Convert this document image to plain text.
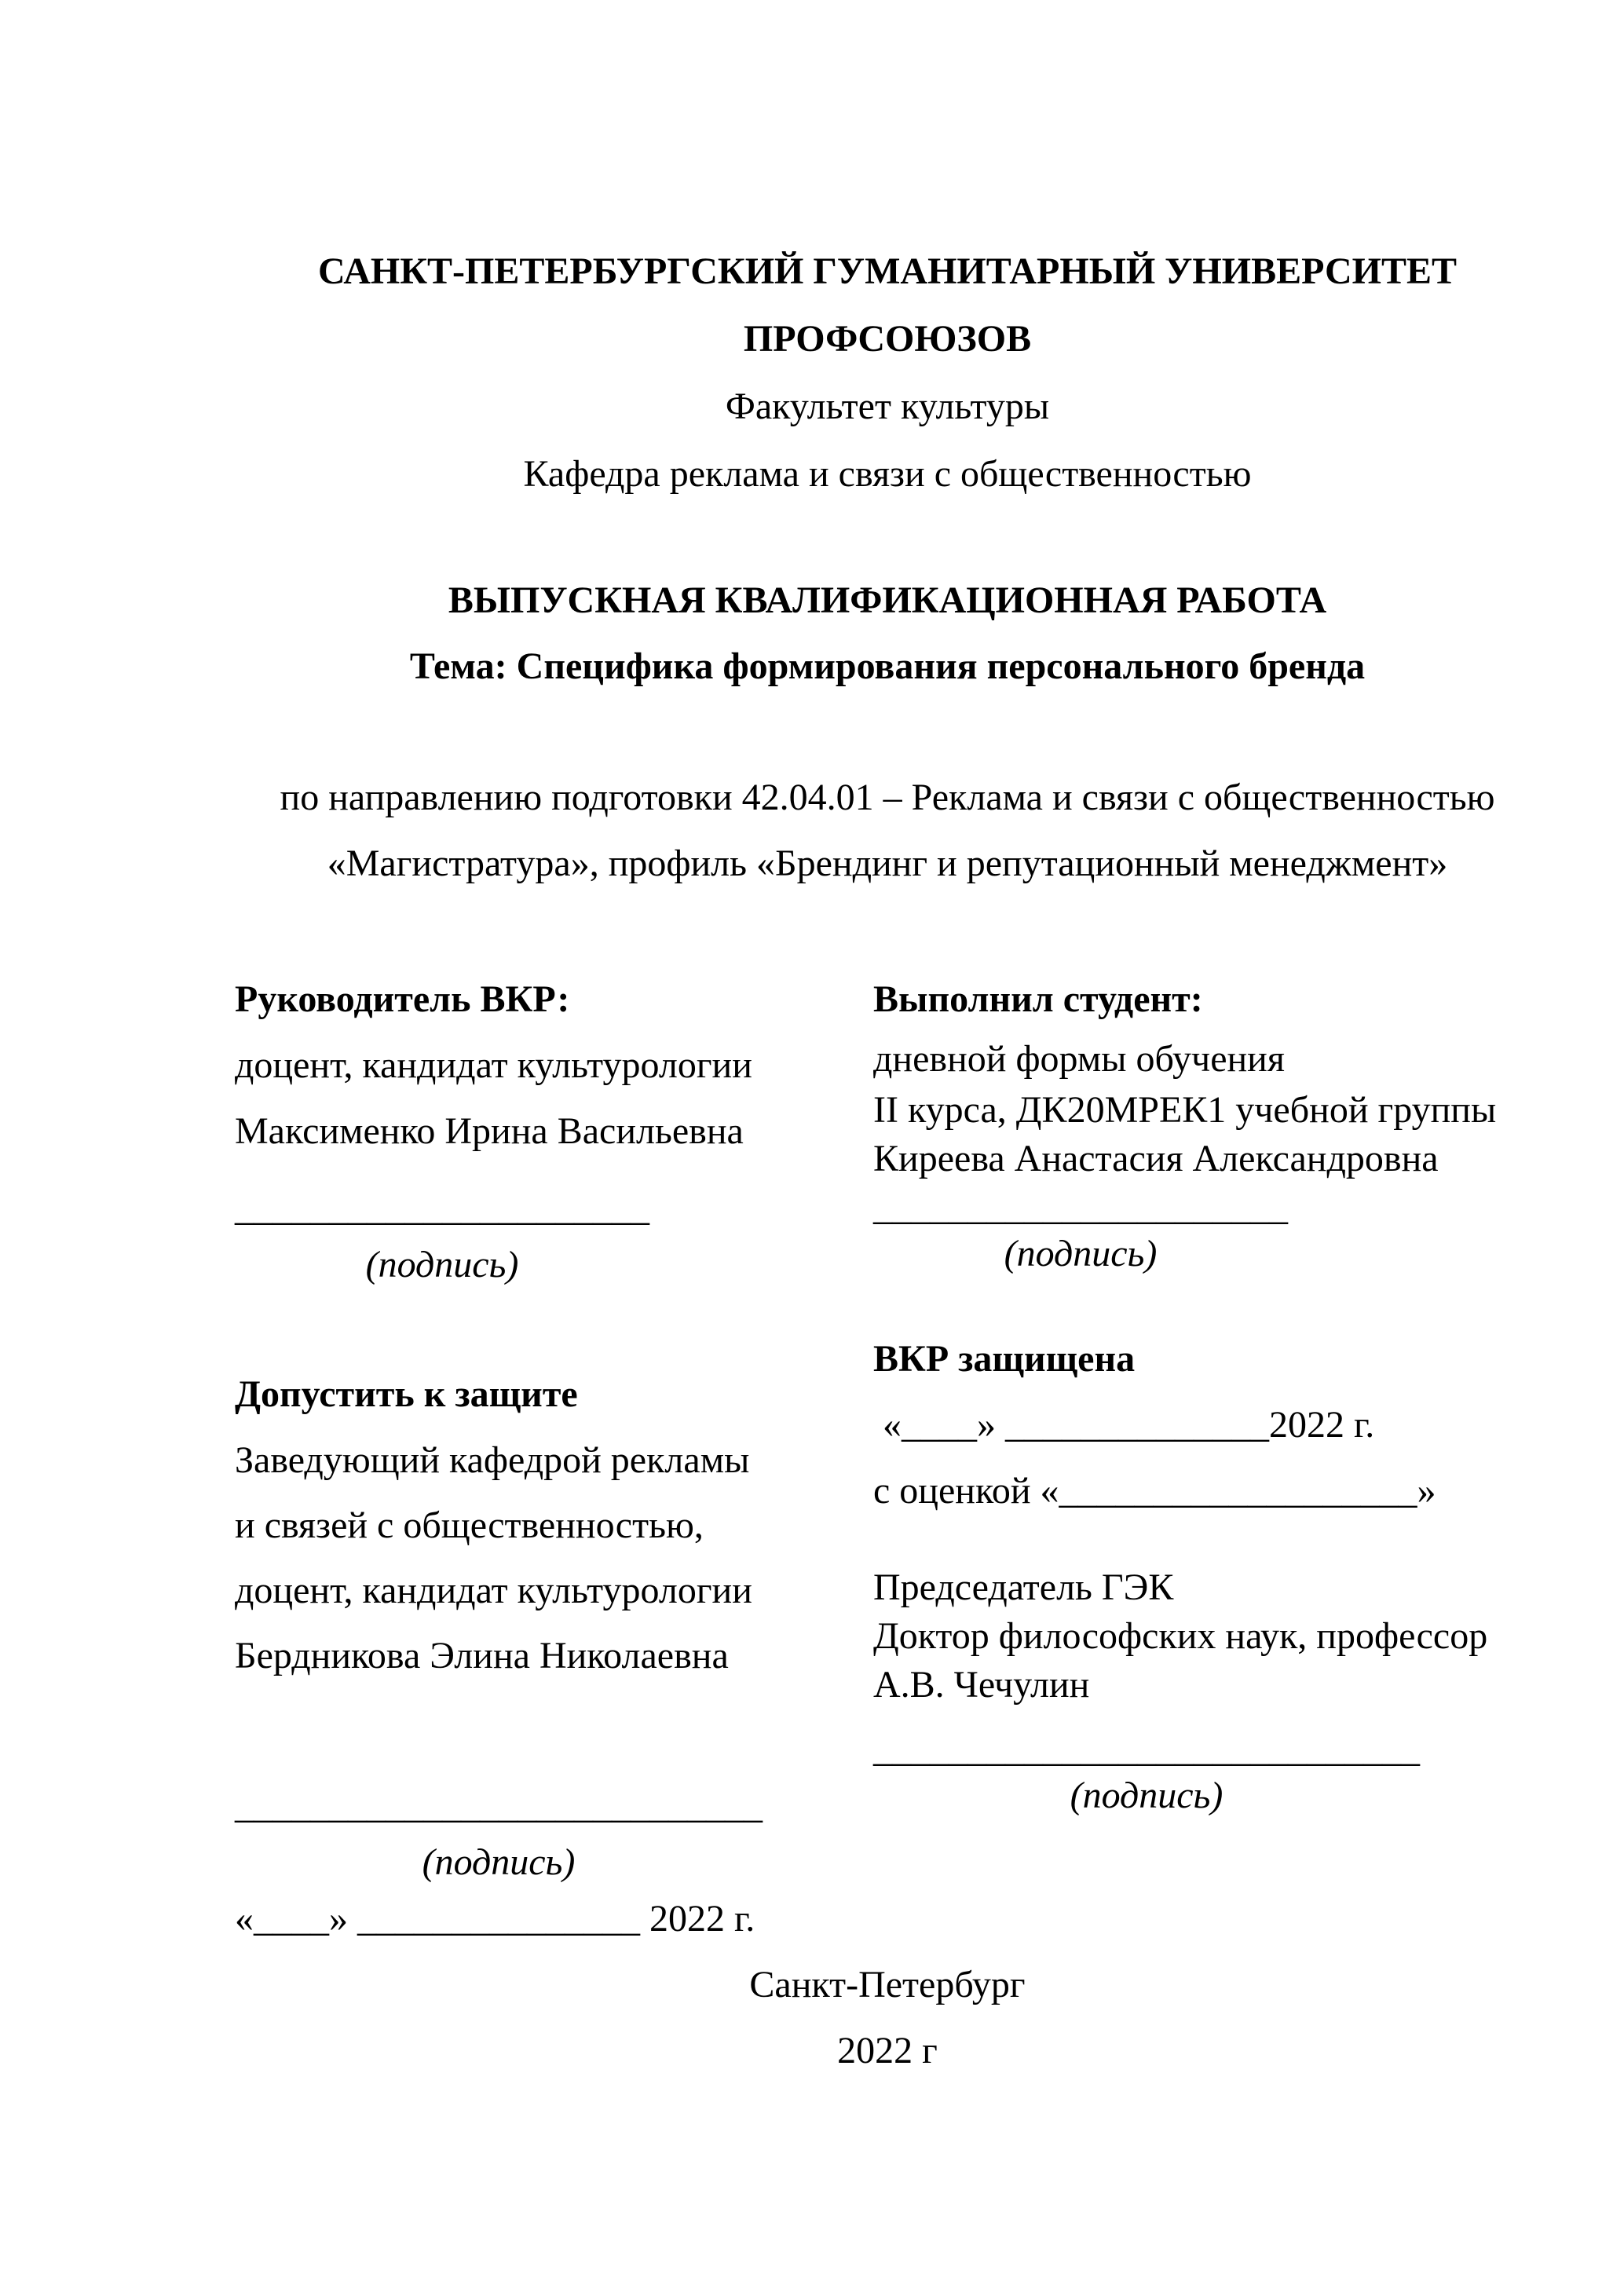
САНКТ-ПЕТЕРБУРГСКИЙ ГУМАНИТАРНЫЙ УНИВЕРСИТЕТ
ПРОФСОЮЗОВ
Факультет культуры
Кафедра реклама и связи с общественностью
ВЫПУСКНАЯ КВАЛИФИКАЦИОННАЯ РАБОТА
Тема: Специфика формирования персонального бренда
по направлению подготовки 42.04.01 – Реклама и связи с общественностью
«Магистратура», профиль «Брендинг и репутационный менеджмент»
Руководитель ВКР:
доцент, кандидат культурологии
Максименко Ирина Васильевна
______________________
(подпись)
Допустить к защите
Заведующий кафедрой рекламы
и связей с общественностью,
доцент, кандидат культурологии
Бердникова Элина Николаевна
____________________________
(подпись)
«____» _______________ 2022 г.
Выполнил студент:
дневной формы обучения
II курса, ДК20МРЕК1 учебной группы
Киреева Анастасия Александровна
______________________
(подпись)
ВКР защищена
«____» ______________2022 г.
с оценкой «___________________»
Председатель ГЭК
Доктор философских наук, профессор
А.В. Чечулин
_____________________________
(подпись)
Санкт-Петербург
2022 г
